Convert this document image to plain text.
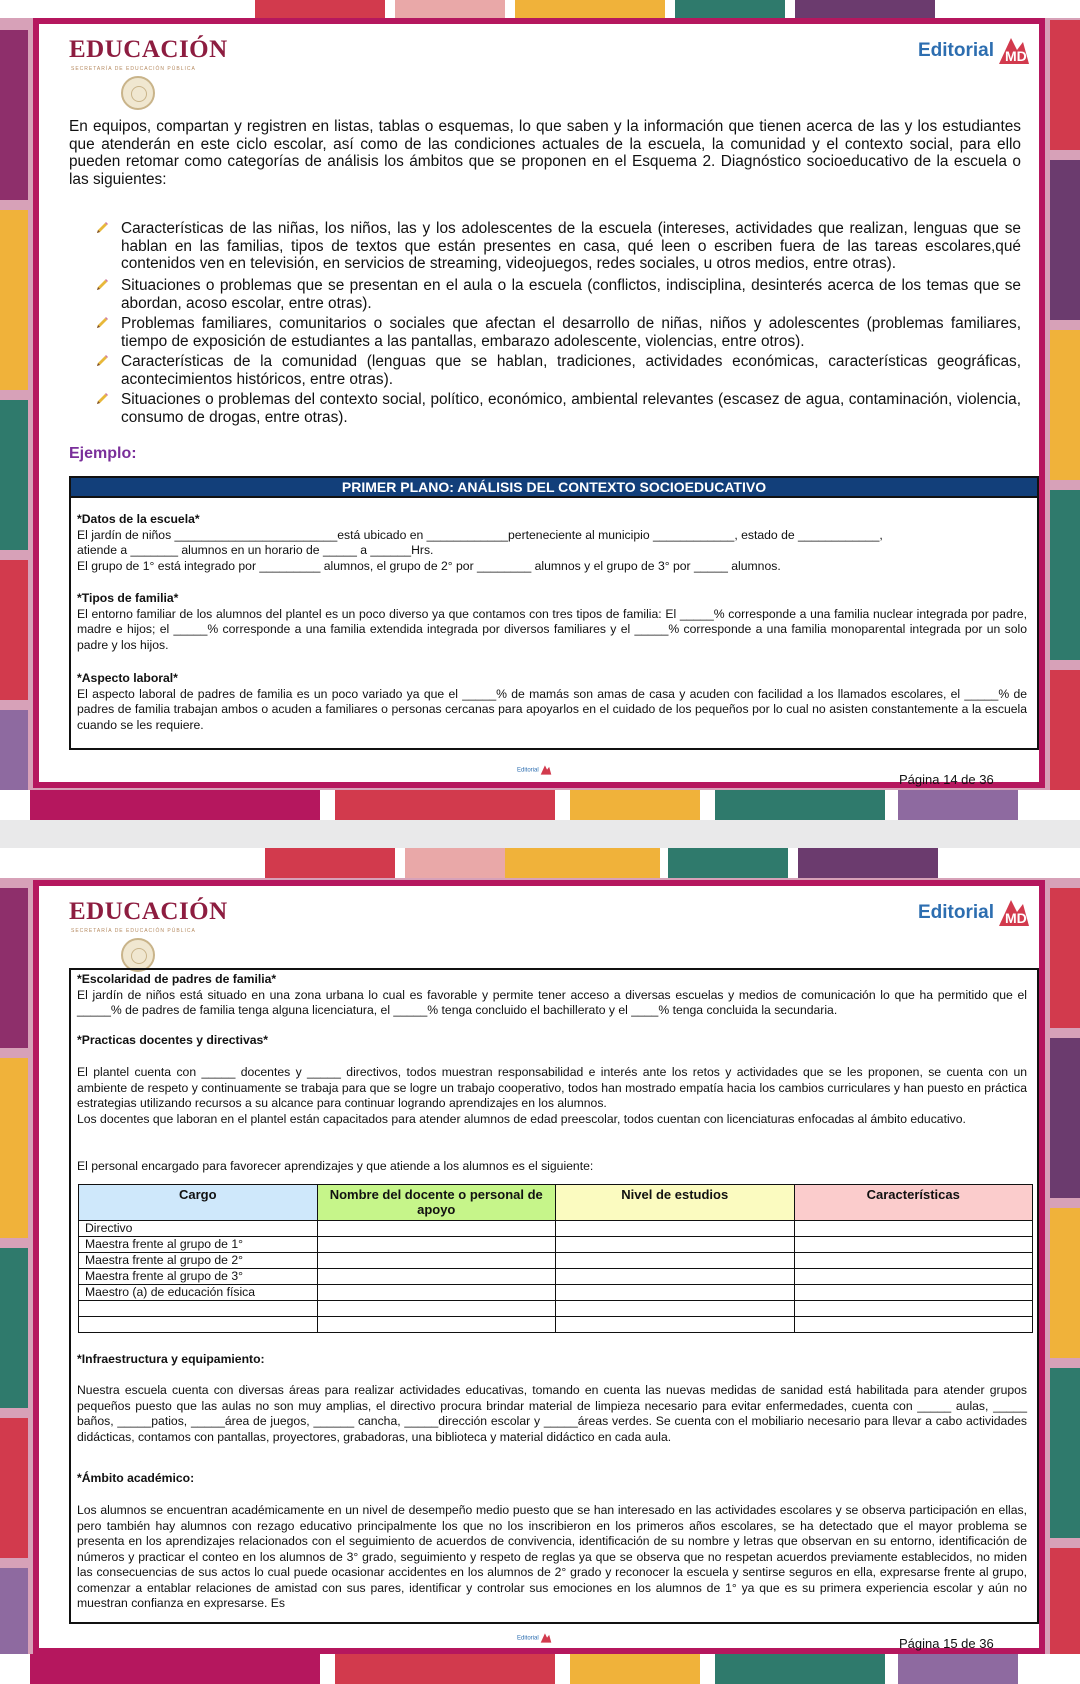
EDUCACIÓN
SECRETARÍA DE EDUCACIÓN PÚBLICA
Editorial MD
En equipos, compartan y registren en listas, tablas o esquemas, lo que saben y la información que tienen acerca de las y los estudiantes que atenderán en este ciclo escolar, así como de las condiciones actuales de la escuela, la comunidad y el contexto social, para ello pueden retomar como categorías de análisis los ámbitos que se proponen en el Esquema 2. Diagnóstico socioeducativo de la escuela o las siguientes:
Características de las niñas, los niños, las y los adolescentes de la escuela (intereses, actividades que realizan, lenguas que se hablan en las familias, tipos de textos que están presentes en casa, qué leen o escriben fuera de las tareas escolares,qué contenidos ven en televisión, en servicios de streaming, videojuegos, redes sociales, u otros medios, entre otras).
Situaciones o problemas que se presentan en el aula o la escuela (conflictos, indisciplina, desinterés acerca de los temas que se abordan, acoso escolar, entre otras).
Problemas familiares, comunitarios o sociales que afectan el desarrollo de niñas, niños y adolescentes (problemas familiares, tiempo de exposición de estudiantes a las pantallas, embarazo adolescente, violencias, entre otros).
Características de la comunidad (lenguas que se hablan, tradiciones, actividades económicas, características geográficas, acontecimientos históricos, entre otras).
Situaciones o problemas del contexto social, político, económico, ambiental relevantes (escasez de agua, contaminación, violencia, consumo de drogas, entre otras).
Ejemplo:
PRIMER PLANO: ANÁLISIS DEL CONTEXTO SOCIOEDUCATIVO
*Datos de la escuela*
El jardín de niños ________________________está ubicado en ____________perteneciente al municipio ____________, estado de ____________,
atiende a _______ alumnos en un horario de _____ a ______Hrs.
El grupo de 1° está integrado por _________ alumnos, el grupo de 2° por ________ alumnos y el grupo de 3° por _____ alumnos.
*Tipos de familia*
El entorno familiar de los alumnos del plantel es un poco diverso ya que contamos con tres tipos de familia: El _____% corresponde a una familia nuclear integrada por padre, madre e hijos; el _____% corresponde a una familia extendida integrada por diversos familiares y el _____% corresponde a una familia monoparental integrada por un solo padre y los hijos.
*Aspecto laboral*
El aspecto laboral de padres de familia es un poco variado ya que el _____% de mamás son amas de casa y acuden con facilidad a los llamados escolares, el _____% de padres de familia trabajan ambos o acuden a familiares o personas cercanas para apoyarlos en el cuidado de los pequeños por lo cual no asisten constantemente a la escuela cuando se les requiere.
Editorial
Página 14 de 36
EDUCACIÓN
SECRETARÍA DE EDUCACIÓN PÚBLICA
Editorial MD
*Escolaridad de padres de familia*
El jardín de niños está situado en una zona urbana lo cual es favorable y permite tener acceso a diversas escuelas y medios de comunicación lo que ha permitido que el _____% de padres de familia tenga alguna licenciatura, el _____% tenga concluido el bachillerato y el ____% tenga concluida la secundaria.
*Practicas docentes y directivas*
El plantel cuenta con _____ docentes y _____ directivos, todos muestran responsabilidad e interés ante los retos y actividades que se les proponen, se cuenta con un ambiente de respeto y continuamente se trabaja para que se logre un trabajo cooperativo, todos han mostrado empatía hacia los cambios curriculares y han puesto en práctica estrategias utilizando recursos a su alcance para continuar logrando aprendizajes en los alumnos.
Los docentes que laboran en el plantel están capacitados para atender alumnos de edad preescolar, todos cuentan con licenciaturas enfocadas al ámbito educativo.
El personal encargado para favorecer aprendizajes y que atiende a los alumnos es el siguiente:
Cargo	Nombre del docente o personal de apoyo	Nivel de estudios	Características
Directivo			
Maestra frente al grupo de 1°			
Maestra frente al grupo de 2°			
Maestra frente al grupo de 3°			
Maestro (a) de educación física			

*Infraestructura y equipamiento:
Nuestra escuela cuenta con diversas áreas para realizar actividades educativas, tomando en cuenta las nuevas medidas de sanidad está habilitada para atender grupos pequeños puesto que las aulas no son muy amplias, el directivo procura brindar material de limpieza necesario para evitar enfermedades, cuenta con _____ aulas, _____ baños, _____patios, _____área de juegos, ______ cancha, _____dirección escolar y _____áreas verdes. Se cuenta con el mobiliario necesario para llevar a cabo actividades didácticas, contamos con pantallas, proyectores, grabadoras, una biblioteca y material didáctico en cada aula.
*Ámbito académico:
Los alumnos se encuentran académicamente en un nivel de desempeño medio puesto que se han interesado en las actividades escolares y se observa participación en ellas, pero también hay alumnos con rezago educativo principalmente los que no los inscribieron en los primeros años escolares, se ha detectado que el mayor problema se presenta en los aprendizajes relacionados con el seguimiento de acuerdos de convivencia, identificación de su nombre y letras que observan en su entorno, identificación de números y practicar el conteo en los alumnos de 3° grado, seguimiento y respeto de reglas ya que se observa que no respetan acuerdos previamente establecidos, no miden las consecuencias de sus actos lo cual puede ocasionar accidentes en los alumnos de 2° grado y reconocer la escuela y sentirse seguros en ella, expresarse frente al grupo, comenzar a entablar relaciones de amistad con sus pares, identificar y controlar sus emociones en los alumnos de 1° ya que es su primera experiencia escolar y aún no muestran confianza en expresarse. Es
Editorial	Página 15 de 36
